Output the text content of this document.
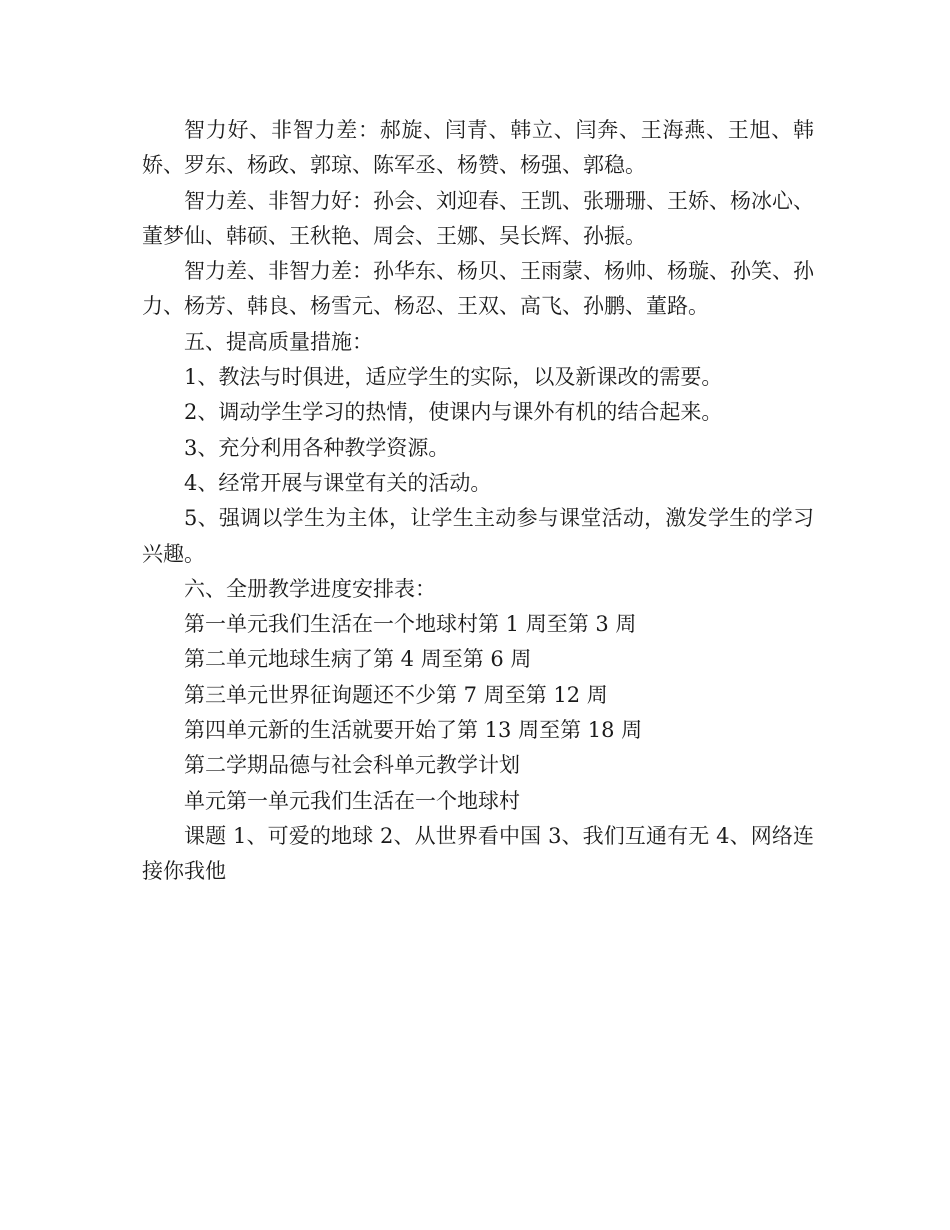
智力好、非智力差：郝旋、闫青、韩立、闫奔、王海燕、王旭、韩娇、罗东、杨政、郭琼、陈军丞、杨赞、杨强、郭稳。

智力差、非智力好：孙会、刘迎春、王凯、张珊珊、王娇、杨冰心、董梦仙、韩硕、王秋艳、周会、王娜、吴长辉、孙振。

智力差、非智力差：孙华东、杨贝、王雨蒙、杨帅、杨璇、孙笑、孙力、杨芳、韩良、杨雪元、杨忍、王双、高飞、孙鹏、董路。

五、提高质量措施：

1、教法与时俱进，适应学生的实际，以及新课改的需要。

2、调动学生学习的热情，使课内与课外有机的结合起来。

3、充分利用各种教学资源。

4、经常开展与课堂有关的活动。

5、强调以学生为主体，让学生主动参与课堂活动，激发学生的学习兴趣。

六、全册教学进度安排表：

第一单元我们生活在一个地球村第 1 周至第 3 周

第二单元地球生病了第 4 周至第 6 周

第三单元世界征询题还不少第 7 周至第 12 周

第四单元新的生活就要开始了第 13 周至第 18 周

第二学期品德与社会科单元教学计划

单元第一单元我们生活在一个地球村

课题 1、可爱的地球 2、从世界看中国 3、我们互通有无 4、网络连接你我他
